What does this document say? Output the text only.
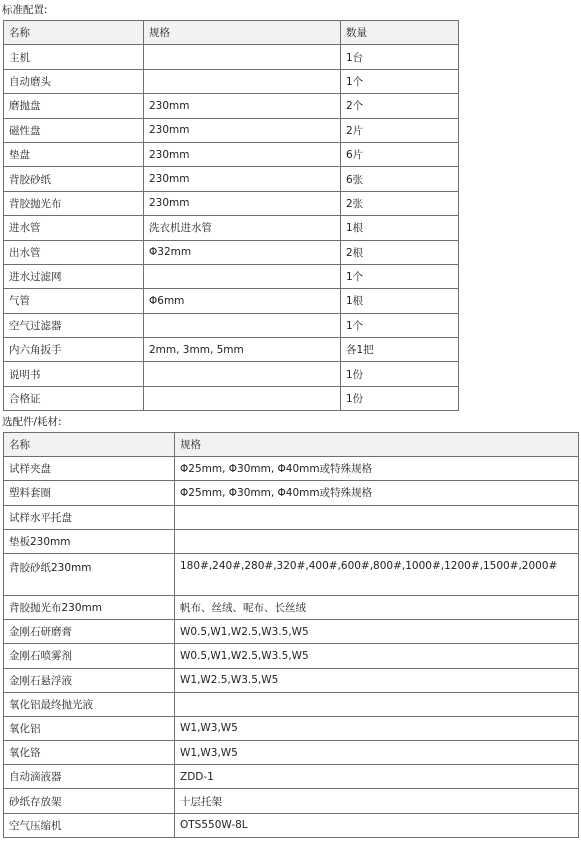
标准配置:
名称	规格	数量
主机		1台
自动磨头		1个
磨抛盘	230mm	2个
磁性盘	230mm	2片
垫盘	230mm	6片
背胶砂纸	230mm	6张
背胶抛光布	230mm	2张
进水管	洗衣机进水管	1根
出水管	Φ32mm	2根
进水过滤网		1个
气管	Φ6mm	1根
空气过滤器		1个
内六角扳手	2mm, 3mm, 5mm	各1把
说明书		1份
合格证		1份
选配件/耗材:
名称	规格
试样夹盘	Φ25mm, Φ30mm, Φ40mm或特殊规格
塑料套圈	Φ25mm, Φ30mm, Φ40mm或特殊规格
试样水平托盘	
垫板230mm	
背胶砂纸230mm	180#,240#,280#,320#,400#,600#,800#,1000#,1200#,1500#,2000#
背胶抛光布230mm	帆布、丝绒、呢布、长丝绒
金刚石研磨膏	W0.5,W1,W2.5,W3.5,W5
金刚石喷雾剂	W0.5,W1,W2.5,W3.5,W5
金刚石悬浮液	W1,W2.5,W3.5,W5
氧化铝最终抛光液	
氧化铝	W1,W3,W5
氧化铬	W1,W3,W5
自动滴液器	ZDD-1
砂纸存放架	十层托架
空气压缩机	OTS550W-8L
